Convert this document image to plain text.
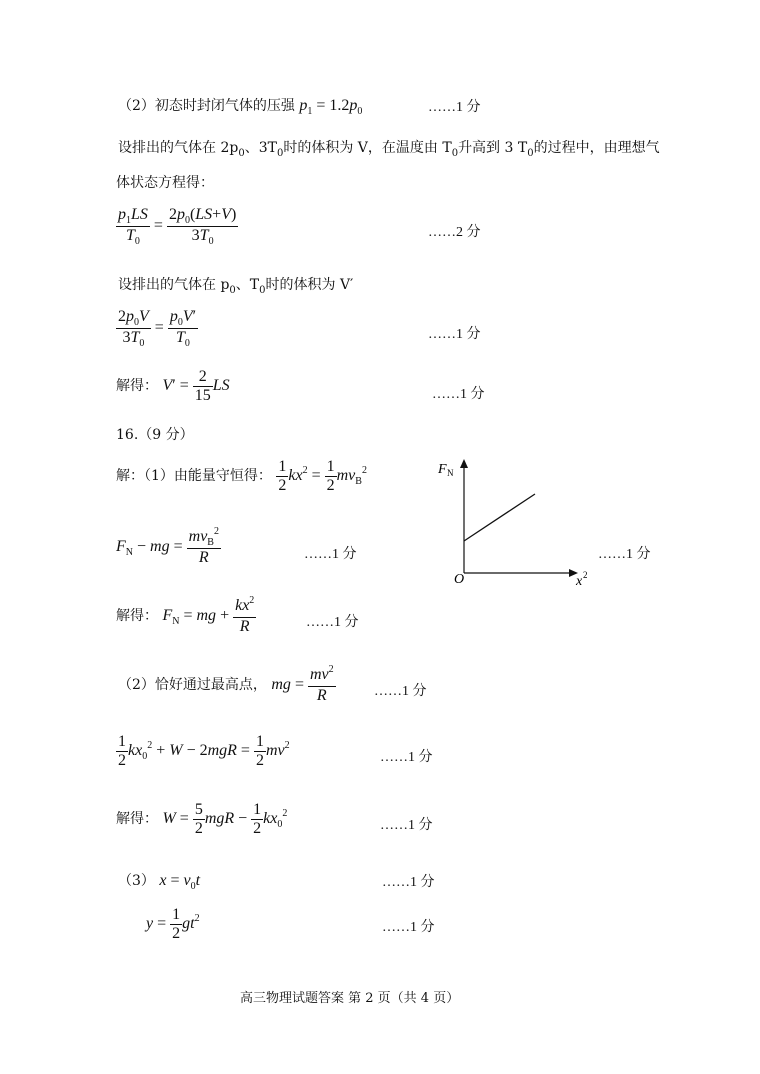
（2）初态时封闭气体的压强 $p_1 = 1.2p_0$	……1 分
设排出的气体在 $2p_0$、$3T_0$时的体积为 V，在温度由 $T_0$升高到 3 $T_0$的过程中，由理想气
体状态方程得：
$\frac{p_1LS}{T_0} = \frac{2p_0(LS+V)}{3T_0}$	……2 分
设排出的气体在 $p_0$、$T_0$时的体积为 V′
$\frac{2p_0V}{3T_0} = \frac{p_0V'}{T_0}$	……1 分
解得： $V' = \frac{2}{15}$ LS
……1 分
16.（9 分）
解：（1）由能量守恒得： $\frac{1}{2} kx^2 = \frac{1}{2} mv_B^2$
$F_N$ − mg = $\frac{mv_B^2}{R}$	……1 分
解得： $F_N$ = mg + $\frac{kx^2}{R}$	……1 分
F N
O	x 2
……1 分
（2）恰好通过最高点， mg = $\frac{mv^2}{R}$	……1 分
$\frac{1}{2} kx_0^2 + W - 2mgR = \frac{1}{2} mv^2$
……1 分
解得： $W = \frac{5}{2}$ mgR − $\frac{1}{2} kx_0^2$
……1 分
（3） $x = v_0t$	……1 分
$y = \frac{1}{2} gt^2$
……1 分
高三物理试题答案 第 2 页（共 4 页）
